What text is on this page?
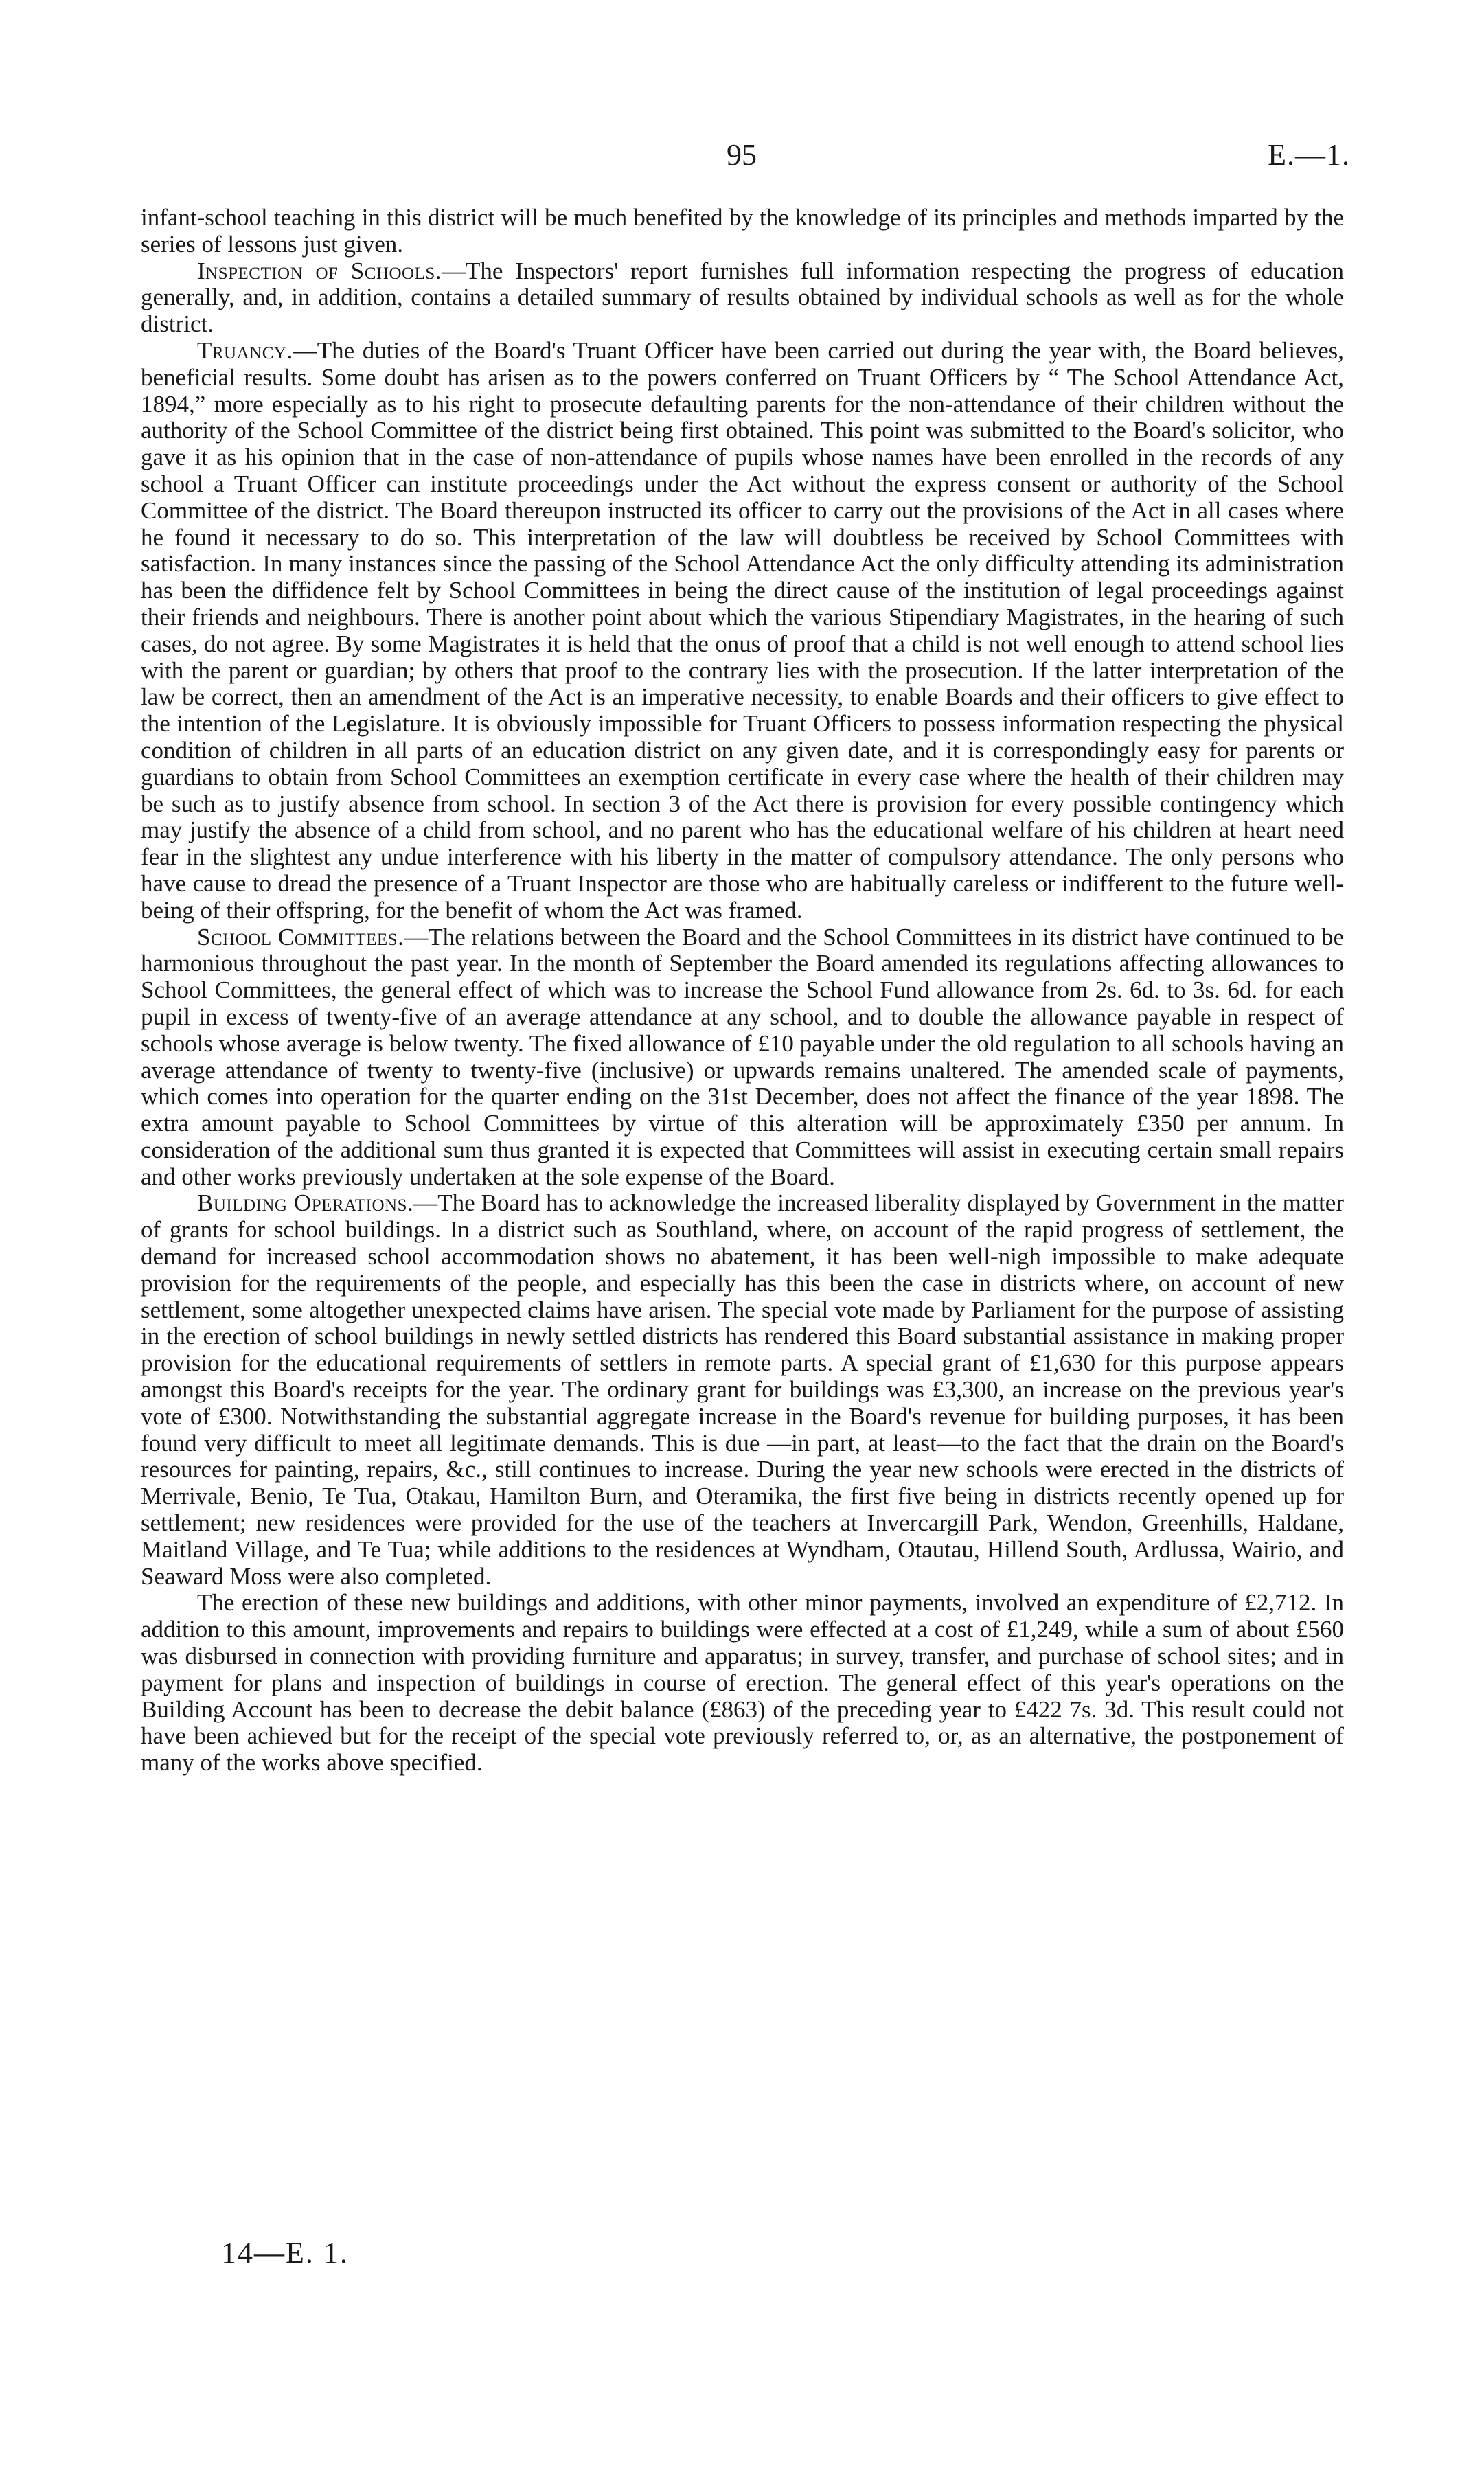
95	E.—1.

infant-school teaching in this district will be much benefited by the knowledge of its principles and methods imparted by the series of lessons just given.

Inspection of Schools.—The Inspectors' report furnishes full information respecting the progress of education generally, and, in addition, contains a detailed summary of results obtained by individual schools as well as for the whole district.

Truancy.—The duties of the Board's Truant Officer have been carried out during the year with, the Board believes, beneficial results. Some doubt has arisen as to the powers conferred on Truant Officers by “ The School Attendance Act, 1894,” more especially as to his right to prosecute defaulting parents for the non-attendance of their children without the authority of the School Committee of the district being first obtained. This point was submitted to the Board's solicitor, who gave it as his opinion that in the case of non-attendance of pupils whose names have been enrolled in the records of any school a Truant Officer can institute proceedings under the Act without the express consent or authority of the School Committee of the district. The Board thereupon instructed its officer to carry out the provisions of the Act in all cases where he found it necessary to do so. This interpretation of the law will doubtless be received by School Committees with satisfaction. In many instances since the passing of the School Attendance Act the only difficulty attending its administration has been the diffidence felt by School Committees in being the direct cause of the institution of legal proceedings against their friends and neighbours. There is another point about which the various Stipendiary Magistrates, in the hearing of such cases, do not agree. By some Magistrates it is held that the onus of proof that a child is not well enough to attend school lies with the parent or guardian; by others that proof to the contrary lies with the prosecution. If the latter interpretation of the law be correct, then an amendment of the Act is an imperative necessity, to enable Boards and their officers to give effect to the intention of the Legislature. It is obviously impossible for Truant Officers to possess information respecting the physical condition of children in all parts of an education district on any given date, and it is correspondingly easy for parents or guardians to obtain from School Committees an exemption certificate in every case where the health of their children may be such as to justify absence from school. In section 3 of the Act there is provision for every possible contingency which may justify the absence of a child from school, and no parent who has the educational welfare of his children at heart need fear in the slightest any undue interference with his liberty in the matter of compulsory attendance. The only persons who have cause to dread the presence of a Truant Inspector are those who are habitually careless or indifferent to the future well-being of their offspring, for the benefit of whom the Act was framed.

School Committees.—The relations between the Board and the School Committees in its district have continued to be harmonious throughout the past year. In the month of September the Board amended its regulations affecting allowances to School Committees, the general effect of which was to increase the School Fund allowance from 2s. 6d. to 3s. 6d. for each pupil in excess of twenty-five of an average attendance at any school, and to double the allowance payable in respect of schools whose average is below twenty. The fixed allowance of £10 payable under the old regulation to all schools having an average attendance of twenty to twenty-five (inclusive) or upwards remains unaltered. The amended scale of payments, which comes into operation for the quarter ending on the 31st December, does not affect the finance of the year 1898. The extra amount payable to School Committees by virtue of this alteration will be approximately £350 per annum. In consideration of the additional sum thus granted it is expected that Committees will assist in executing certain small repairs and other works previously undertaken at the sole expense of the Board.

Building Operations.—The Board has to acknowledge the increased liberality displayed by Government in the matter of grants for school buildings. In a district such as Southland, where, on account of the rapid progress of settlement, the demand for increased school accommodation shows no abatement, it has been well-nigh impossible to make adequate provision for the requirements of the people, and especially has this been the case in districts where, on account of new settlement, some altogether unexpected claims have arisen. The special vote made by Parliament for the purpose of assisting in the erection of school buildings in newly settled districts has rendered this Board substantial assistance in making proper provision for the educational requirements of settlers in remote parts. A special grant of £1,630 for this purpose appears amongst this Board's receipts for the year. The ordinary grant for buildings was £3,300, an increase on the previous year's vote of £300. Notwithstanding the substantial aggregate increase in the Board's revenue for building purposes, it has been found very difficult to meet all legitimate demands. This is due —in part, at least—to the fact that the drain on the Board's resources for painting, repairs, &c., still continues to increase. During the year new schools were erected in the districts of Merrivale, Benio, Te Tua, Otakau, Hamilton Burn, and Oteramika, the first five being in districts recently opened up for settlement; new residences were provided for the use of the teachers at Invercargill Park, Wendon, Greenhills, Haldane, Maitland Village, and Te Tua; while additions to the residences at Wyndham, Otautau, Hillend South, Ardlussa, Wairio, and Seaward Moss were also completed.

The erection of these new buildings and additions, with other minor payments, involved an expenditure of £2,712. In addition to this amount, improvements and repairs to buildings were effected at a cost of £1,249, while a sum of about £560 was disbursed in connection with providing furniture and apparatus; in survey, transfer, and purchase of school sites; and in payment for plans and inspection of buildings in course of erection. The general effect of this year's operations on the Building Account has been to decrease the debit balance (£863) of the preceding year to £422 7s. 3d. This result could not have been achieved but for the receipt of the special vote previously referred to, or, as an alternative, the postponement of many of the works above specified.

14—E. 1.
